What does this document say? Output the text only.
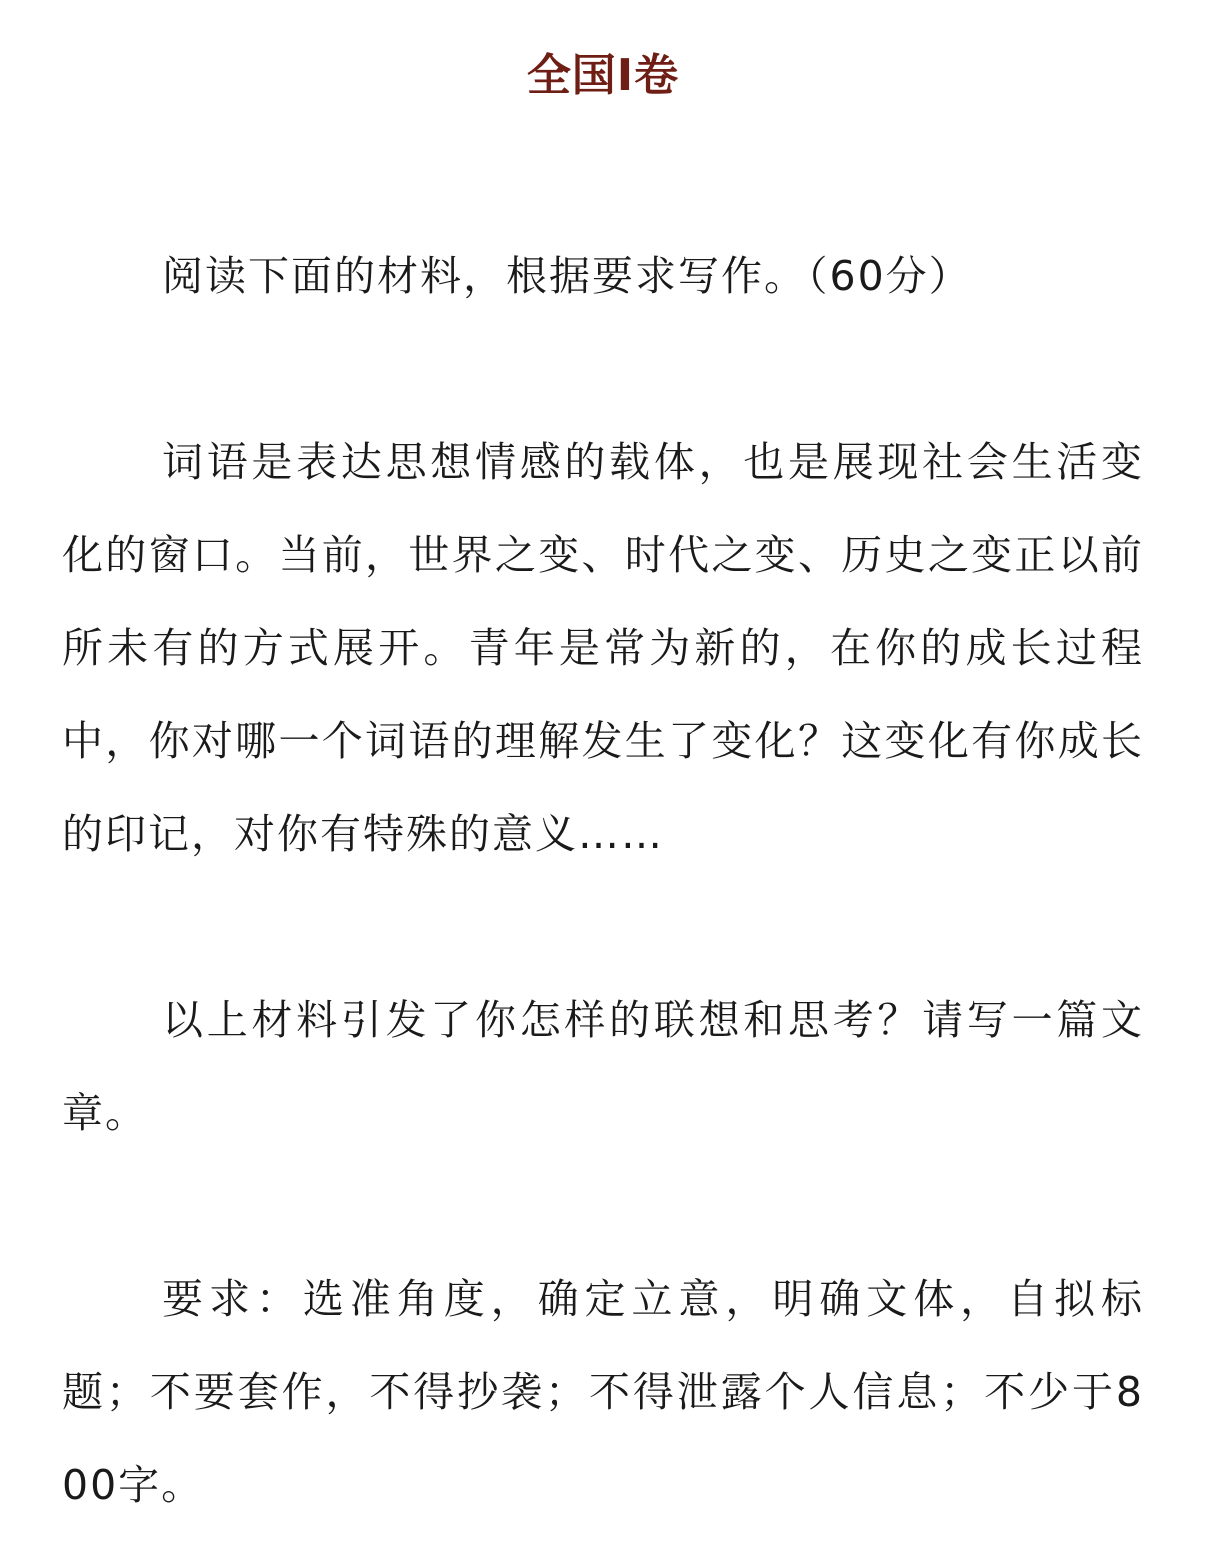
全国Ⅰ卷

阅读下面的材料，根据要求写作。（60分）

词语是表达思想情感的载体，也是展现社会生活变化的窗口。当前，世界之变、时代之变、历史之变正以前所未有的方式展开。青年是常为新的，在你的成长过程中，你对哪一个词语的理解发生了变化？这变化有你成长的印记，对你有特殊的意义……

以上材料引发了你怎样的联想和思考？请写一篇文章。

要求：选准角度，确定立意，明确文体，自拟标题；不要套作，不得抄袭；不得泄露个人信息；不少于800字。
